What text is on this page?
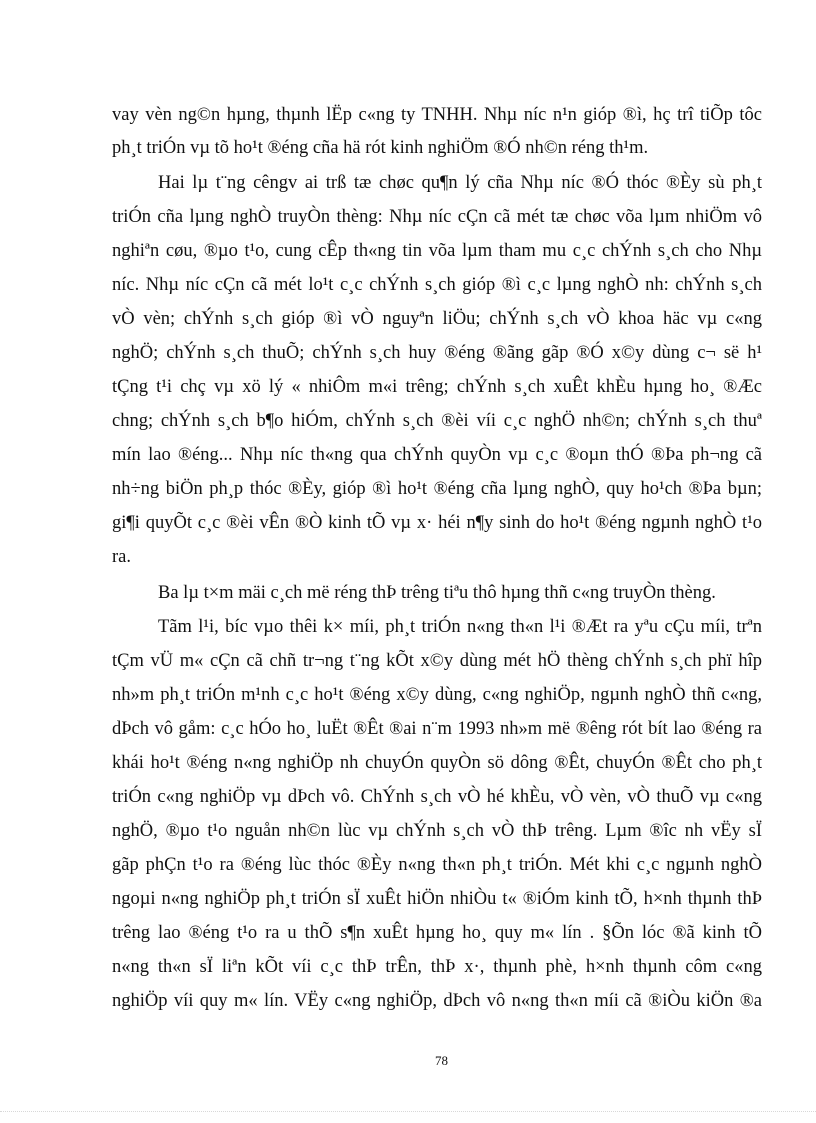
vay vèn ng©n hµng, thµnh lËp c«ng ty TNHH. Nhµ níc n¹n gióp ®ì, hç trî tiÕp tôc
ph¸t triÓn vµ tõ ho¹t ®éng cña hä rót kinh nghiÖm ®Ó nh©n réng th¹m.
Hai lµ t¨ng cêngv ai trß tæ chøc qu¶n lý cña Nhµ níc ®Ó thóc ®Èy sù ph¸t
triÓn cña lµng nghÒ truyÒn thèng: Nhµ níc cÇn cã mét tæ chøc võa lµm nhiÖm vô
nghiªn cøu, ®µo t¹o, cung cÊp th«ng tin võa lµm tham mu c¸c chÝnh s¸ch cho Nhµ
níc. Nhµ níc cÇn cã mét lo¹t c¸c chÝnh s¸ch gióp ®ì c¸c lµng nghÒ nh: chÝnh s¸ch
vÒ vèn; chÝnh s¸ch gióp ®ì vÒ nguyªn liÖu; chÝnh s¸ch vÒ khoa häc vµ c«ng
nghÖ; chÝnh s¸ch thuÕ; chÝnh s¸ch huy ®éng ®ãng gãp ®Ó x©y dùng c¬ së h¹
tÇng t¹i chç vµ xö lý « nhiÔm m«i trêng; chÝnh s¸ch xuÊt khÈu hµng ho¸ ®Æc
chng; chÝnh s¸ch b¶o hiÓm, chÝnh s¸ch ®èi víi c¸c nghÖ nh©n; chÝnh s¸ch thuª
mín lao ®éng... Nhµ níc th«ng qua chÝnh quyÒn vµ c¸c ®oµn thÓ ®Þa ph¬ng cã
nh÷ng biÖn ph¸p thóc ®Èy, gióp ®ì ho¹t ®éng cña lµng nghÒ, quy ho¹ch ®Þa bµn;
gi¶i quyÕt c¸c ®èi vÊn ®Ò kinh tÕ vµ x· héi n¶y sinh do ho¹t ®éng ngµnh nghÒ t¹o
ra.
Ba lµ t×m mäi c¸ch më réng thÞ trêng tiªu thô hµng thñ c«ng truyÒn thèng.
Tãm l¹i, bíc vµo thêi k× míi, ph¸t triÓn n«ng th«n l¹i ®Æt ra yªu cÇu míi, trªn
tÇm vÜ m« cÇn cã chñ tr¬ng t¨ng kÕt x©y dùng mét hÖ thèng chÝnh s¸ch phï hîp
nh»m ph¸t triÓn m¹nh c¸c ho¹t ®éng x©y dùng, c«ng nghiÖp, ngµnh nghÒ thñ c«ng,
dÞch vô gåm: c¸c hÓo ho¸ luËt ®Êt ®ai n¨m 1993 nh»m më ®êng rót bít lao ®éng ra
khái ho¹t ®éng n«ng nghiÖp nh chuyÓn quyÒn sö dông ®Êt, chuyÓn ®Êt cho ph¸t
triÓn c«ng nghiÖp vµ dÞch vô. ChÝnh s¸ch vÒ hé khÈu, vÒ vèn, vÒ thuÕ vµ c«ng
nghÖ, ®µo t¹o nguån nh©n lùc vµ chÝnh s¸ch vÒ thÞ trêng. Lµm ®îc nh vËy sÏ
gãp phÇn t¹o ra ®éng lùc thóc ®Èy n«ng th«n ph¸t triÓn. Mét khi c¸c ngµnh nghÒ
ngoµi n«ng nghiÖp ph¸t triÓn sÏ xuÊt hiÖn nhiÒu t« ®iÓm kinh tÕ, h×nh thµnh thÞ
trêng lao ®éng t¹o ra u thÕ s¶n xuÊt hµng ho¸ quy m« lín . §Õn lóc ®ã kinh tÕ
n«ng th«n sÏ liªn kÕt víi c¸c thÞ trÊn, thÞ x·, thµnh phè, h×nh thµnh côm c«ng
nghiÖp víi quy m« lín. VËy c«ng nghiÖp, dÞch vô n«ng th«n míi cã ®iÒu kiÖn ®a
78
